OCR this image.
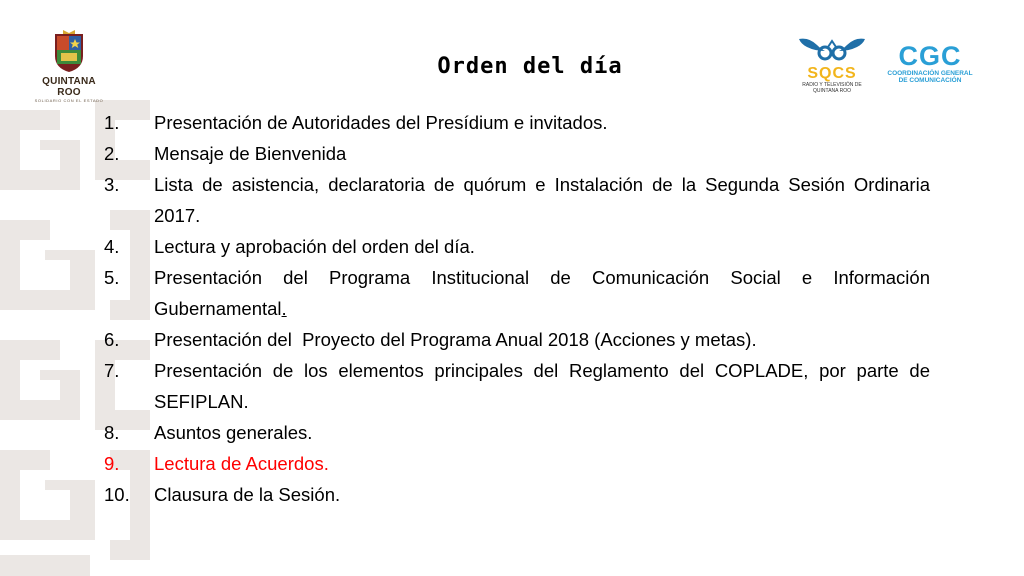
QUINTANA ROO
SOLIDARIO CON EL ESTADO
Orden del día	SQCS
RADIO Y TELEVISIÓN DE QUINTANA ROO
CGC
COORDINACIÓN GENERAL
DE COMUNICACIÓN
1.	Presentación de Autoridades del Presídium e invitados.
2.	Mensaje de Bienvenida
3.	Lista de asistencia, declaratoria de quórum e Instalación de la Segunda Sesión Ordinaria 2017.
4.	Lectura y aprobación del orden del día.
5.	Presentación del Programa Institucional de Comunicación Social e Información Gubernamental.
6.	Presentación del  Proyecto del Programa Anual 2018 (Acciones y metas).
7.	Presentación de los elementos principales del Reglamento del COPLADE, por parte de SEFIPLAN.
8.	Asuntos generales.
9.	Lectura de Acuerdos.
10.	Clausura de la Sesión.
